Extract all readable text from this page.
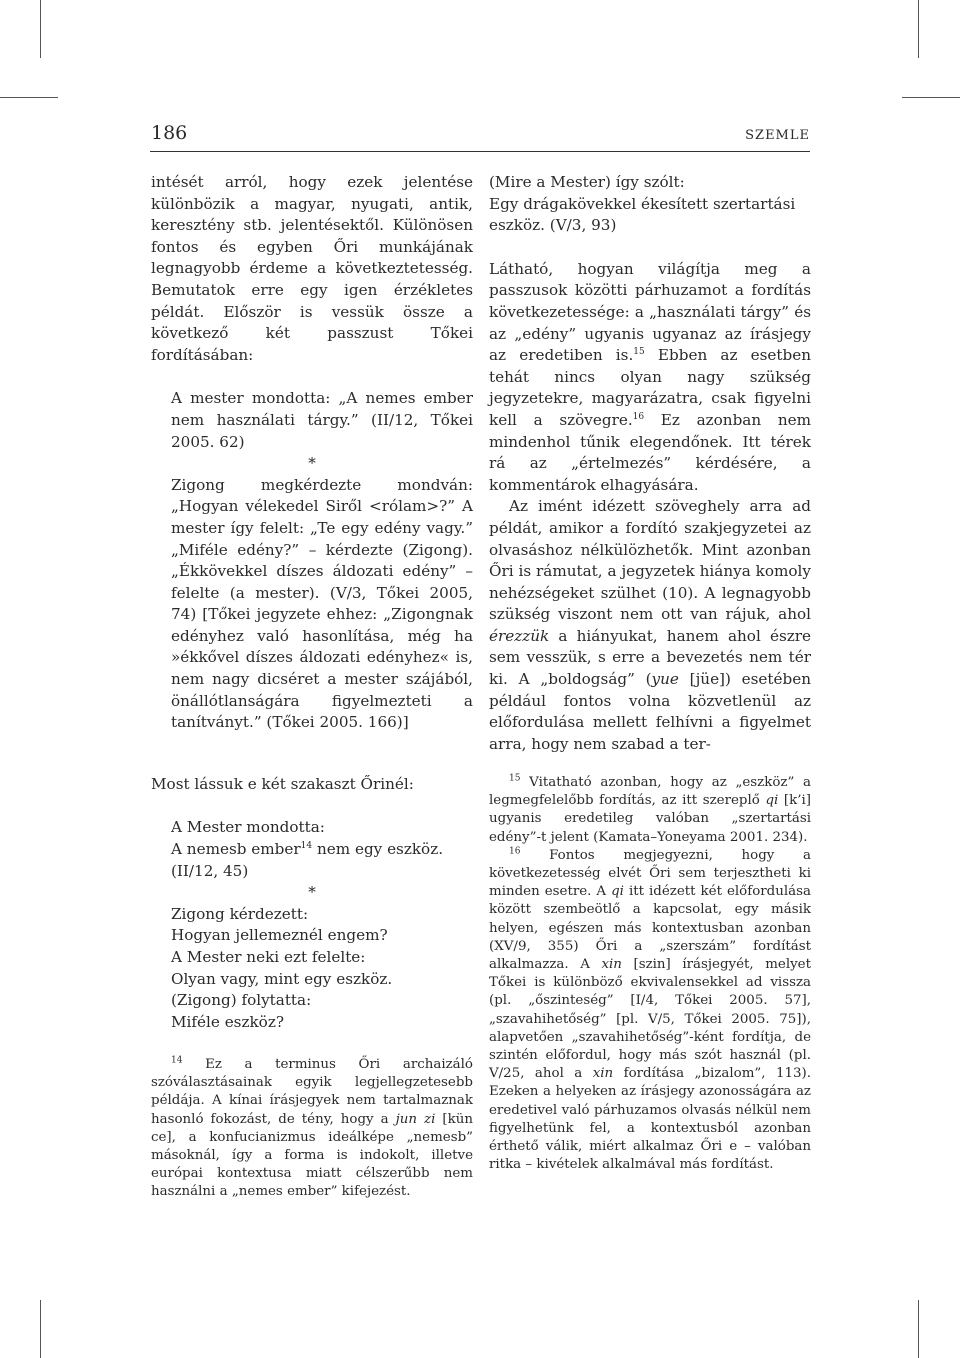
186	SZEMLE

intését arról, hogy ezek jelentése különbözik a magyar, nyugati, antik, keresztény stb. jelentésektől. Különösen fontos és egyben Őri munkájának legnagyobb érdeme a következtetesség. Bemutatok erre egy igen érzékletes példát. Először is vessük össze a következő két passzust Tőkei fordításában:

A mester mondotta: „A nemes ember nem használati tárgy.” (II/12, Tőkei 2005. 62)

*

Zigong megkérdezte mondván: „Hogyan vélekedel Siről <rólam>?” A mester így felelt: „Te egy edény vagy.” „Miféle edény?” – kérdezte (Zigong). „Ékkövekkel díszes áldozati edény” – felelte (a mester). (V/3, Tőkei 2005, 74) [Tőkei jegyzete ehhez: „Zigongnak edényhez való hasonlítása, még ha »ékkővel díszes áldozati edényhez« is, nem nagy dicséret a mester szájából, önállótlanságára figyelmezteti a tanítványt.” (Tőkei 2005. 166)]

Most lássuk e két szakaszt Őrinél:

A Mester mondotta:

A nemesb ember$^{14}$ nem egy eszköz.

(II/12, 45)

*

Zigong kérdezett:

Hogyan jellemeznél engem?

A Mester neki ezt felelte:

Olyan vagy, mint egy eszköz.

(Zigong) folytatta:

Miféle eszköz?

$^{14}$ Ez a terminus Őri archaizáló szóválasztásainak egyik legjellegzetesebb példája. A kínai írásjegyek nem tartalmaznak hasonló fokozást, de tény, hogy a jun zi [kün ce], a konfucianizmus ideálképe „nemesb” másoknál, így a forma is indokolt, illetve európai kontextusa miatt célszerűbb nem használni a „nemes ember” kifejezést.

(Mire a Mester) így szólt:

Egy drágakövekkel ékesített szertartási eszköz. (V/3, 93)

Látható, hogyan világítja meg a passzusok közötti párhuzamot a fordítás következetessége: a „használati tárgy” és az „edény” ugyanis ugyanaz az írásjegy az eredetiben is.$^{15}$ Ebben az esetben tehát nincs olyan nagy szükség jegyzetekre, magyarázatra, csak figyelni kell a szövegre.$^{16}$ Ez azonban nem mindenhol tűnik elegendőnek. Itt térek rá az „értelmezés” kérdésére, a kommentárok elhagyására.

Az imént idézett szöveghely arra ad példát, amikor a fordító szakjegyzetei az olvasáshoz nélkülözhetők. Mint azonban Őri is rámutat, a jegyzetek hiánya komoly nehézségeket szülhet (10). A legnagyobb szükség viszont nem ott van rájuk, ahol érezzük a hiányukat, hanem ahol észre sem vesszük, s erre a bevezetés nem tér ki. A „boldogság” (yue [jüe]) esetében például fontos volna közvetlenül az előfordulása mellett felhívni a figyelmet arra, hogy nem szabad a ter-

$^{15}$ Vitatható azonban, hogy az „eszköz” a legmegfelelőbb fordítás, az itt szereplő qi [k’i] ugyanis eredetileg valóban „szertartási edény”-t jelent (Kamata–Yoneyama 2001. 234).

$^{16}$ Fontos megjegyezni, hogy a következetesség elvét Őri sem terjesztheti ki minden esetre. A qi itt idézett két előfordulása között szembeötlő a kapcsolat, egy másik helyen, egészen más kontextusban azonban (XV/9, 355) Őri a „szerszám” fordítást alkalmazza. A xin [szin] írásjegyét, melyet Tőkei is különböző ekvivalensekkel ad vissza (pl. „őszinteség” [I/4, Tőkei 2005. 57], „szavahihetőség” [pl. V/5, Tőkei 2005. 75]), alapvetően „szavahihetőség”-ként fordítja, de szintén előfordul, hogy más szót használ (pl. V/25, ahol a xin fordítása „bizalom”, 113). Ezeken a helyeken az írásjegy azonosságára az eredetivel való párhuzamos olvasás nélkül nem figyelhetünk fel, a kontextusból azonban érthető válik, miért alkalmaz Őri e – valóban ritka – kivételek alkalmával más fordítást.
